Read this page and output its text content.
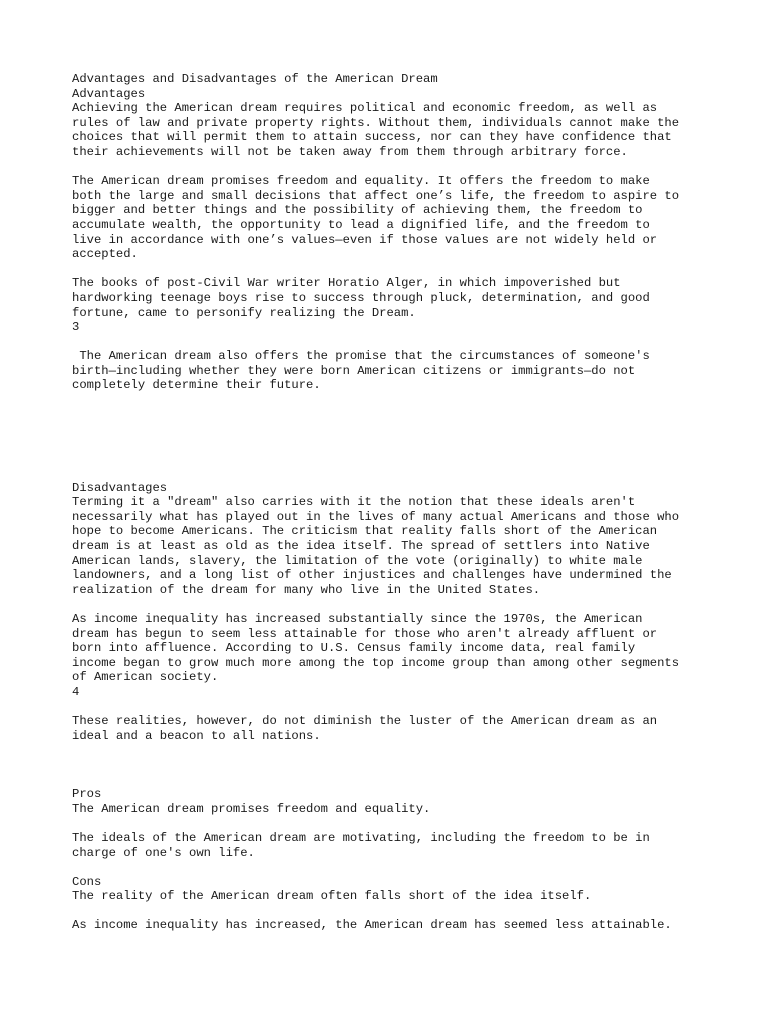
Advantages and Disadvantages of the American Dream

Advantages

Achieving the American dream requires political and economic freedom, as well as
rules of law and private property rights. Without them, individuals cannot make the
choices that will permit them to attain success, nor can they have confidence that
their achievements will not be taken away from them through arbitrary force.

The American dream promises freedom and equality. It offers the freedom to make
both the large and small decisions that affect one’s life, the freedom to aspire to
bigger and better things and the possibility of achieving them, the freedom to
accumulate wealth, the opportunity to lead a dignified life, and the freedom to
live in accordance with one’s values—even if those values are not widely held or
accepted.

The books of post-Civil War writer Horatio Alger, in which impoverished but
hardworking teenage boys rise to success through pluck, determination, and good
fortune, came to personify realizing the Dream.

3

The American dream also offers the promise that the circumstances of someone's
birth—including whether they were born American citizens or immigrants—do not
completely determine their future.

Disadvantages

Terming it a "dream" also carries with it the notion that these ideals aren't
necessarily what has played out in the lives of many actual Americans and those who
hope to become Americans. The criticism that reality falls short of the American
dream is at least as old as the idea itself. The spread of settlers into Native
American lands, slavery, the limitation of the vote (originally) to white male
landowners, and a long list of other injustices and challenges have undermined the
realization of the dream for many who live in the United States.

As income inequality has increased substantially since the 1970s, the American
dream has begun to seem less attainable for those who aren't already affluent or
born into affluence. According to U.S. Census family income data, real family
income began to grow much more among the top income group than among other segments
of American society.

4

These realities, however, do not diminish the luster of the American dream as an
ideal and a beacon to all nations.

Pros

The American dream promises freedom and equality.

The ideals of the American dream are motivating, including the freedom to be in
charge of one's own life.

Cons

The reality of the American dream often falls short of the idea itself.

As income inequality has increased, the American dream has seemed less attainable.
